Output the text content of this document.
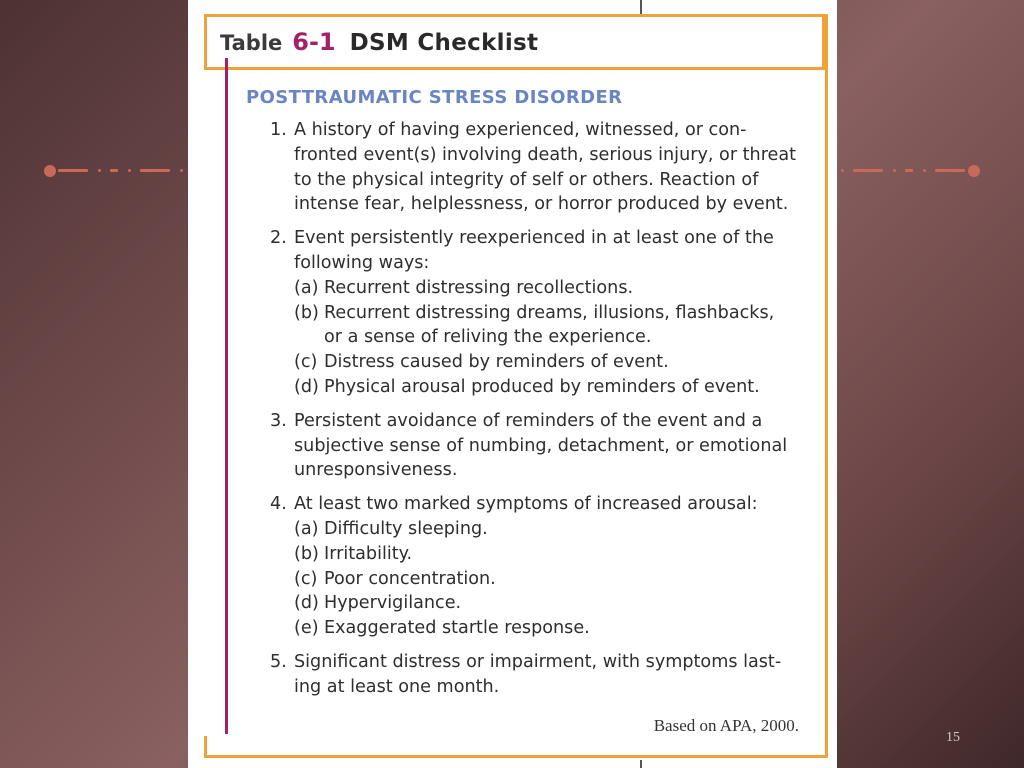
Table 6-1 DSM Checklist
POSTTRAUMATIC STRESS DISORDER
1. A history of having experienced, witnessed, or con-
fronted event(s) involving death, serious injury, or threat
to the physical integrity of self or others. Reaction of
intense fear, helplessness, or horror produced by event.
2. Event persistently reexperienced in at least one of the
following ways:
(a) Recurrent distressing recollections.
(b) Recurrent distressing dreams, illusions, flashbacks,
or a sense of reliving the experience.
(c) Distress caused by reminders of event.
(d) Physical arousal produced by reminders of event.
3. Persistent avoidance of reminders of the event and a
subjective sense of numbing, detachment, or emotional
unresponsiveness.
4. At least two marked symptoms of increased arousal:
(a) Difficulty sleeping.
(b) Irritability.
(c) Poor concentration.
(d) Hypervigilance.
(e) Exaggerated startle response.
5. Significant distress or impairment, with symptoms last-
ing at least one month.
Based on APA, 2000.
15
